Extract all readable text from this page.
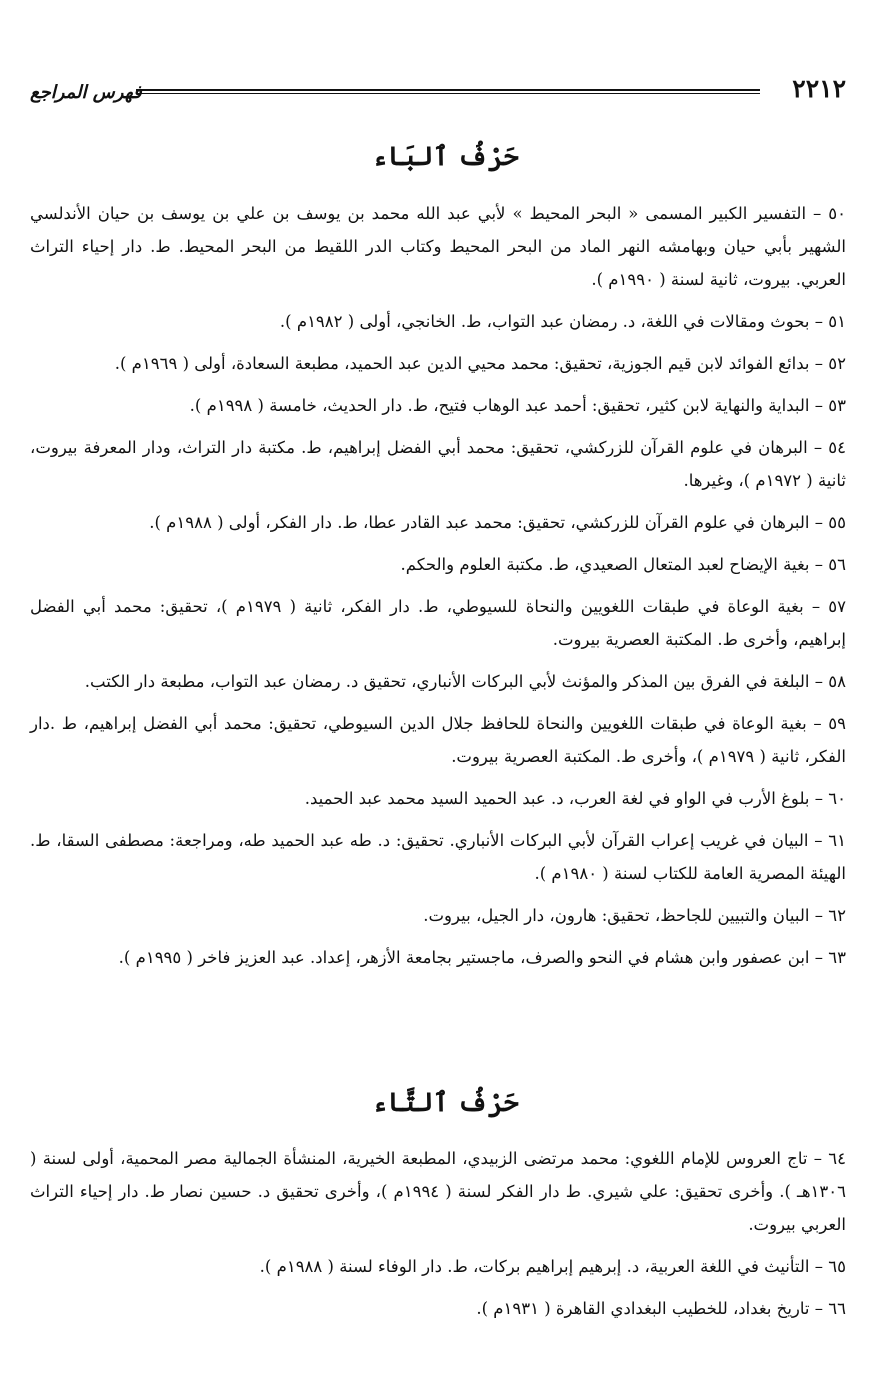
٢٢١٢
فهرس المراجع
حَرْفُ ٱلبَاء

٥٠ – التفسير الكبير المسمى « البحر المحيط » لأبي عبد الله محمد بن يوسف بن علي بن يوسف بن حيان الأندلسي الشهير بأبي حيان وبهامشه النهر الماد من البحر المحيط وكتاب الدر اللقيط من البحر المحيط. ط. دار إحياء التراث العربي. بيروت، ثانية لسنة ( ١٩٩٠م ).

٥١ – بحوث ومقالات في اللغة، د. رمضان عبد التواب، ط. الخانجي، أولى ( ١٩٨٢م ).

٥٢ – بدائع الفوائد لابن قيم الجوزية، تحقيق: محمد محيي الدين عبد الحميد، مطبعة السعادة، أولى ( ١٩٦٩م ).

٥٣ – البداية والنهاية لابن كثير، تحقيق: أحمد عبد الوهاب فتيح، ط. دار الحديث، خامسة ( ١٩٩٨م ).

٥٤ – البرهان في علوم القرآن للزركشي، تحقيق: محمد أبي الفضل إبراهيم، ط. مكتبة دار التراث، ودار المعرفة بيروت، ثانية ( ١٩٧٢م )، وغيرها.

٥٥ – البرهان في علوم القرآن للزركشي، تحقيق: محمد عبد القادر عطا، ط. دار الفكر، أولى ( ١٩٨٨م ).

٥٦ – بغية الإيضاح لعبد المتعال الصعيدي، ط. مكتبة العلوم والحكم.

٥٧ – بغية الوعاة في طبقات اللغويين والنحاة للسيوطي، ط. دار الفكر، ثانية ( ١٩٧٩م )، تحقيق: محمد أبي الفضل إبراهيم، وأخرى ط. المكتبة العصرية بيروت.

٥٨ – البلغة في الفرق بين المذكر والمؤنث لأبي البركات الأنباري، تحقيق د. رمضان عبد التواب، مطبعة دار الكتب.

٥٩ – بغية الوعاة في طبقات اللغويين والنحاة للحافظ جلال الدين السيوطي، تحقيق: محمد أبي الفضل إبراهيم، ط .دار الفكر، ثانية ( ١٩٧٩م )، وأخرى ط. المكتبة العصرية بيروت.

٦٠ – بلوغ الأرب في الواو في لغة العرب، د. عبد الحميد السيد محمد عبد الحميد.

٦١ – البيان في غريب إعراب القرآن لأبي البركات الأنباري. تحقيق: د. طه عبد الحميد طه، ومراجعة: مصطفى السقا، ط. الهيئة المصرية العامة للكتاب لسنة ( ١٩٨٠م ).

٦٢ – البيان والتبيين للجاحظ، تحقيق: هارون، دار الجيل، بيروت.

٦٣ – ابن عصفور وابن هشام في النحو والصرف، ماجستير بجامعة الأزهر، إعداد. عبد العزيز فاخر ( ١٩٩٥م ).

حَرْفُ ٱلتَّاء

٦٤ – تاج العروس للإمام اللغوي: محمد مرتضى الزبيدي، المطبعة الخيرية، المنشأة الجمالية مصر المحمية، أولى لسنة ( ١٣٠٦هـ ). وأخرى تحقيق: علي شيري. ط دار الفكر لسنة ( ١٩٩٤م )، وأخرى تحقيق د. حسين نصار ط. دار إحياء التراث العربي بيروت.

٦٥ – التأنيث في اللغة العربية، د. إبرهيم إبراهيم بركات، ط. دار الوفاء لسنة ( ١٩٨٨م ).

٦٦ – تاريخ بغداد، للخطيب البغدادي القاهرة ( ١٩٣١م ).
